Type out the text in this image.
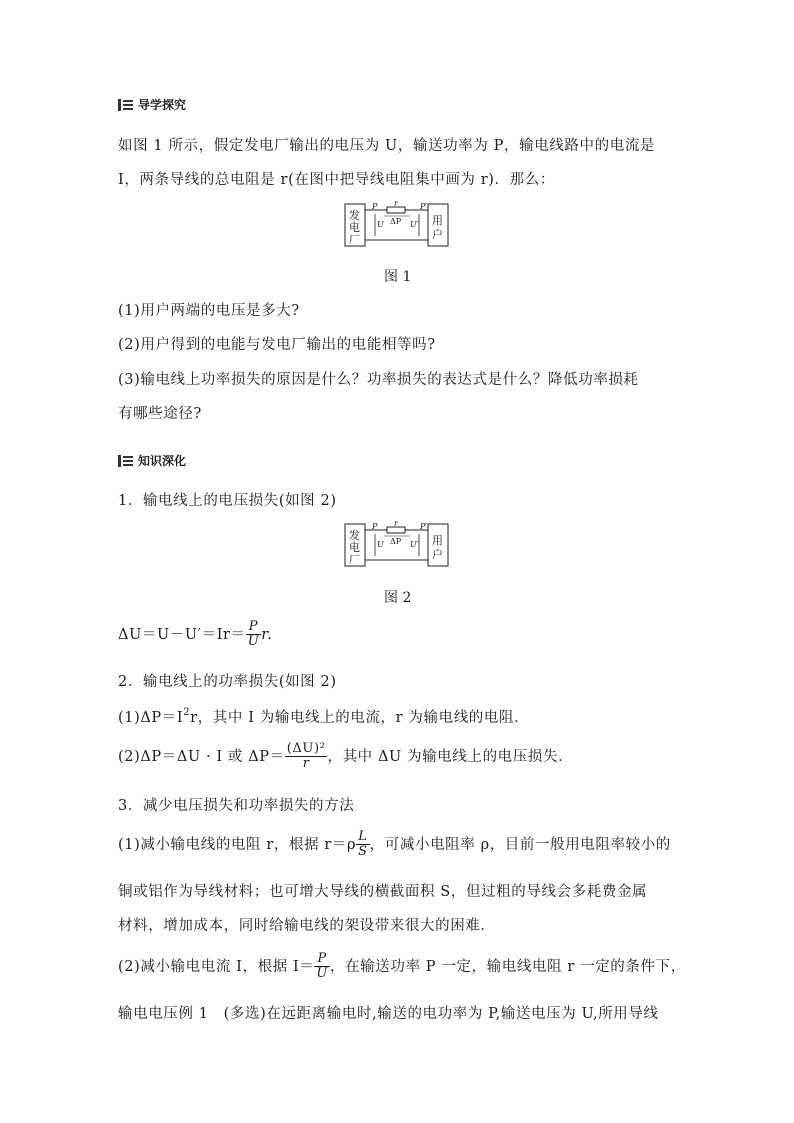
导学探究
如图 1 所示，假定发电厂输出的电压为 U，输送功率为 P，输电线路中的电流是
I，两条导线的总电阻是 r(在图中把导线电阻集中画为 r)．那么：
发
电
厂
用
户
P r
ΔP
P′
U	U′
图 1
(1)用户两端的电压是多大?
(2)用户得到的电能与发电厂输出的电能相等吗?
(3)输电线上功率损失的原因是什么？功率损失的表达式是什么？降低功率损耗
有哪些途径?
知识深化
1．输电线上的电压损失(如图 2)
发
电
厂
用
户
P r
ΔP
P′
U	U′
图 2
$\Delta U=U-U'=Ir= \frac{P}{U} r$.
2．输电线上的功率损失(如图 2)
$(1)\Delta P=I^2r$，其中 I 为输电线上的电流，r 为输电线的电阻．
(2)ΔP＝ΔU · I 或 $\Delta P= \frac{\text{(ΔU)²}}{r}$ ，其中 ΔU 为输电线上的电压损失．
3．减少电压损失和功率损失的方法
(1)减小输电线的电阻 r，根据 $r=\rho \frac{L}{S}$ ，可减小电阻率 ρ，目前一般用电阻率较小的
铜或铝作为导线材料；也可增大导线的横截面积 S，但过粗的导线会多耗费金属
材料，增加成本，同时给输电线的架设带来很大的困难．
(2)减小输电电流 I，根据 $I= \frac{P}{U}$ ，在输送功率 P 一定，输电线电阻 r 一定的条件下，
输电电压例 1　(多选)在远距离输电时,输送的电功率为 P,输送电压为 U,所用导线
